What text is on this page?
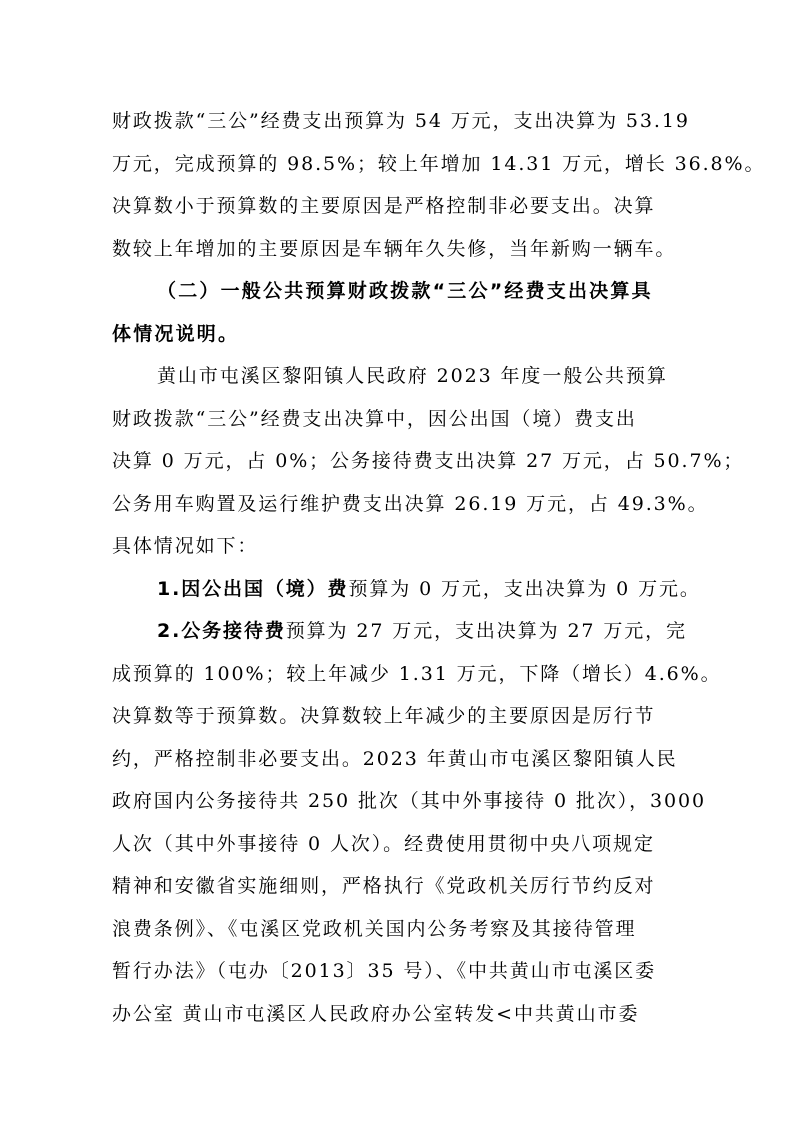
财政拨款“三公”经费支出预算为 54 万元，支出决算为 53.19
万元，完成预算的 98.5%；较上年增加 14.31 万元，增长 36.8%。
决算数小于预算数的主要原因是严格控制非必要支出。决算
数较上年增加的主要原因是车辆年久失修，当年新购一辆车。
（二）一般公共预算财政拨款“三公”经费支出决算具
体情况说明。
黄山市屯溪区黎阳镇人民政府 2023 年度一般公共预算
财政拨款“三公”经费支出决算中，因公出国（境）费支出
决算 0 万元，占 0%；公务接待费支出决算 27 万元，占 50.7%；
公务用车购置及运行维护费支出决算 26.19 万元，占 49.3%。
具体情况如下：
1.因公出国（境）费预算为 0 万元，支出决算为 0 万元。
2.公务接待费预算为 27 万元，支出决算为 27 万元，完
成预算的 100%；较上年减少 1.31 万元，下降（增长）4.6%。
决算数等于预算数。决算数较上年减少的主要原因是厉行节
约，严格控制非必要支出。2023 年黄山市屯溪区黎阳镇人民
政府国内公务接待共 250 批次（其中外事接待 0 批次），3000
人次（其中外事接待 0 人次）。经费使用贯彻中央八项规定
精神和安徽省实施细则，严格执行《党政机关厉行节约反对
浪费条例》、《屯溪区党政机关国内公务考察及其接待管理
暂行办法》（屯办〔2013〕35 号）、《中共黄山市屯溪区委
办公室 黄山市屯溪区人民政府办公室转发<中共黄山市委
